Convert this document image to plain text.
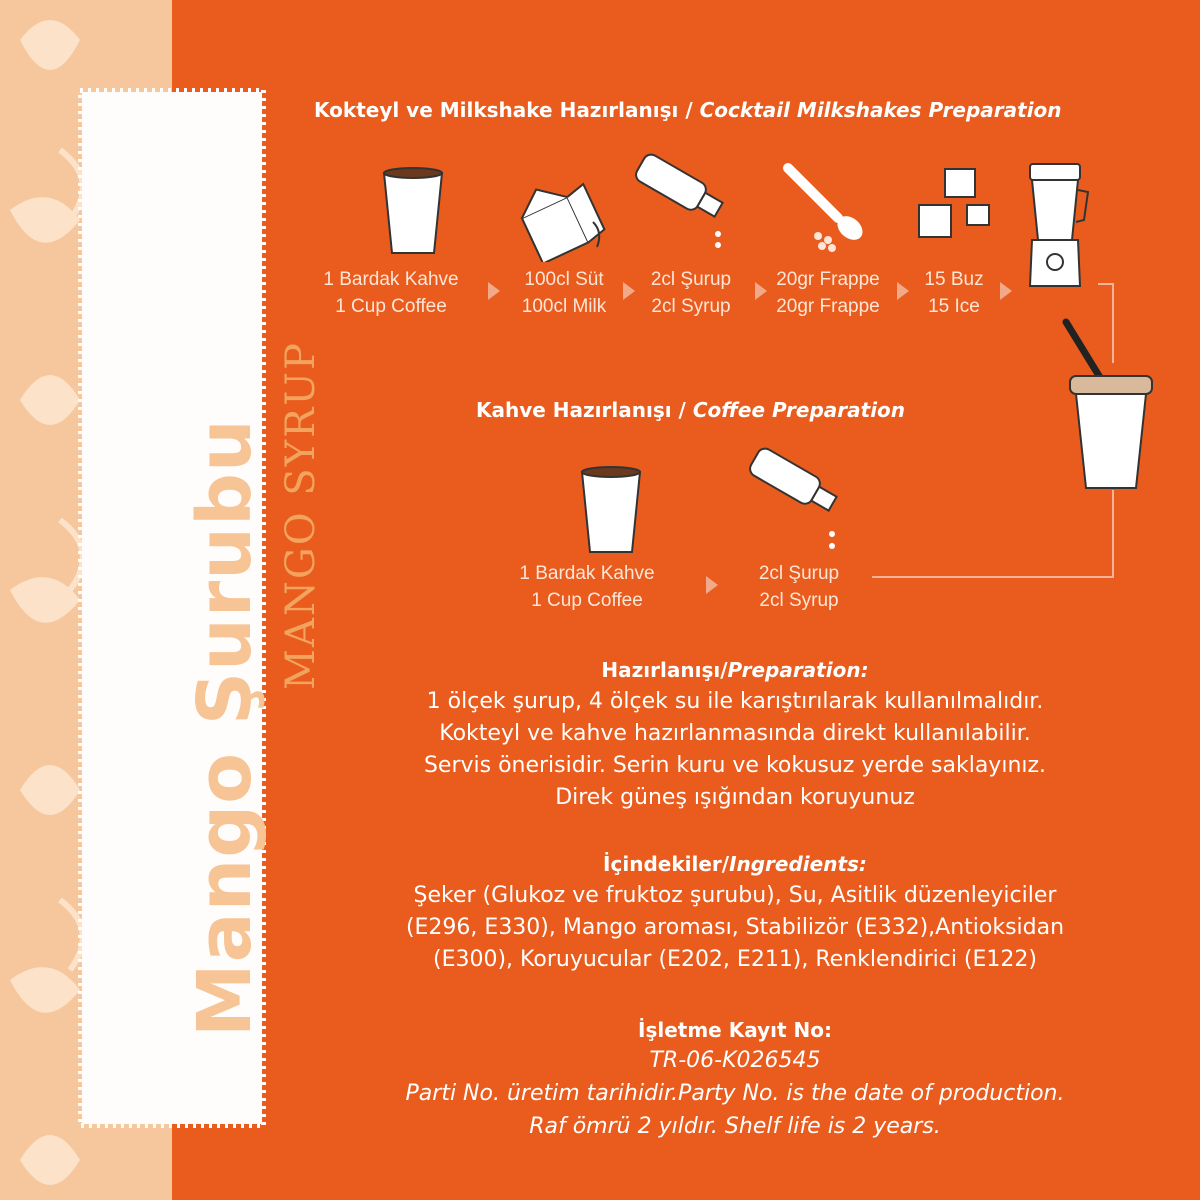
Mango Şurubu MANGO SYRUP
Kokteyl ve Milkshake Hazırlanışı / Cocktail Milkshakes Preparation
1 Bardak Kahve
1 Cup Coffee
100cl Süt
100cl Milk
2cl Şurup
2cl Syrup
20gr Frappe
20gr Frappe
15 Buz
15 Ice
Kahve Hazırlanışı / Coffee Preparation
1 Bardak Kahve
1 Cup Coffee
2cl Şurup
2cl Syrup
Hazırlanışı/Preparation:
1 ölçek şurup, 4 ölçek su ile karıştırılarak kullanılmalıdır.
Kokteyl ve kahve hazırlanmasında direkt kullanılabilir.
Servis önerisidir. Serin kuru ve kokusuz yerde saklayınız.
Direk güneş ışığından koruyunuz
İçindekiler/Ingredients:
Şeker (Glukoz ve fruktoz şurubu), Su, Asitlik düzenleyiciler
(E296, E330), Mango aroması, Stabilizör (E332),Antioksidan
(E300), Koruyucular (E202, E211), Renklendirici (E122)
İşletme Kayıt No:
TR-06-K026545
Parti No. üretim tarihidir.Party No. is the date of production.
Raf ömrü 2 yıldır. Shelf life is 2 years.
